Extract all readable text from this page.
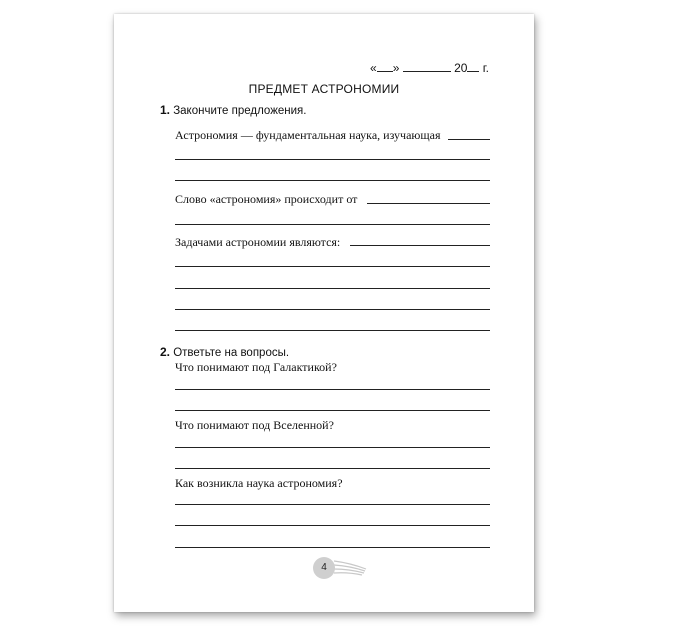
« »	20 г.
ПРЕДМЕТ АСТРОНОМИИ
1. Закончите предложения.
Астрономия — фундаментальная наука, изучающая
Слово «астрономия» происходит от
Задачами астрономии являются:
2. Ответьте на вопросы.
Что понимают под Галактикой?
Что понимают под Вселенной?
Как возникла наука астрономия?
4
